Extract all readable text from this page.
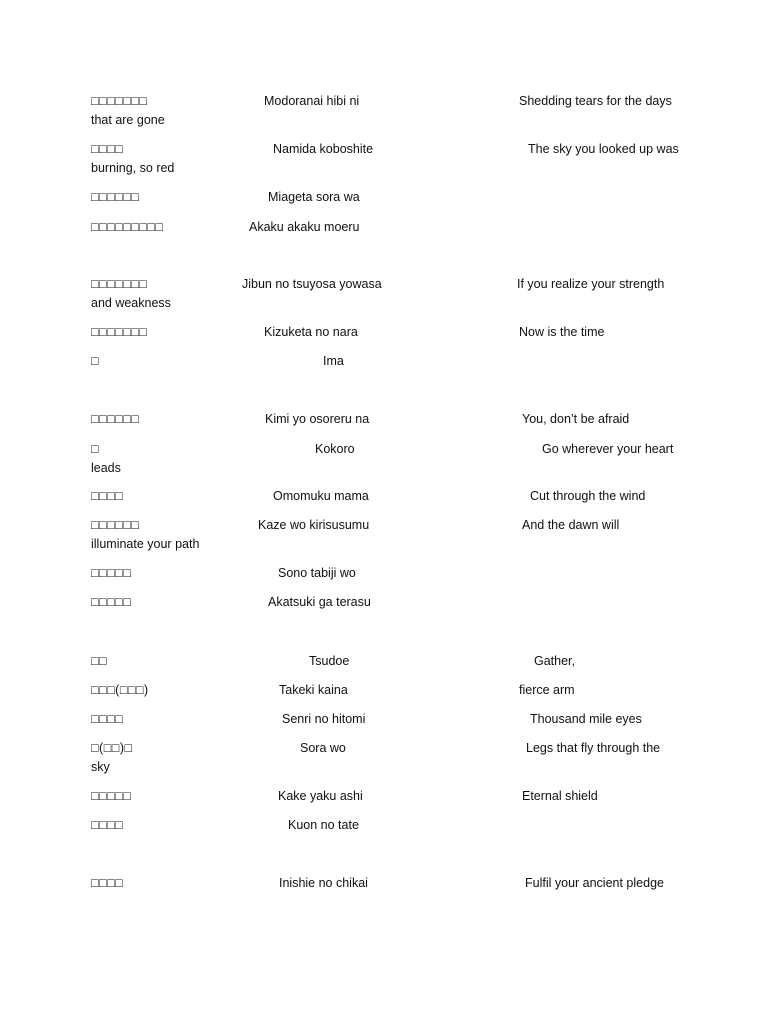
□□□□□□□	Modoranai hibi ni	Shedding tears for the days
that are gone
□□□□	Namida koboshite	The sky you looked up was
burning, so red
□□□□□□	Miageta sora wa
□□□□□□□□□	Akaku akaku moeru
□□□□□□□	Jibun no tsuyosa yowasa	If you realize your strength
and weakness
□□□□□□□	Kizuketa no nara	Now is the time
□	Ima
□□□□□□	Kimi yo osoreru na	You, don’t be afraid
□	Kokoro	Go wherever your heart
leads
□□□□	Omomuku mama	Cut through the wind
□□□□□□	Kaze wo kirisusumu	And the dawn will
illuminate your path
□□□□□	Sono tabiji wo
□□□□□	Akatsuki ga terasu
□□	Tsudoe	Gather,
□□□(□□□)	Takeki kaina	fierce arm
□□□□	Senri no hitomi	Thousand mile eyes
□(□□)□	Sora wo	Legs that fly through the
sky
□□□□□	Kake yaku ashi	Eternal shield
□□□□	Kuon no tate
□□□□	Inishie no chikai	Fulfil your ancient pledge
